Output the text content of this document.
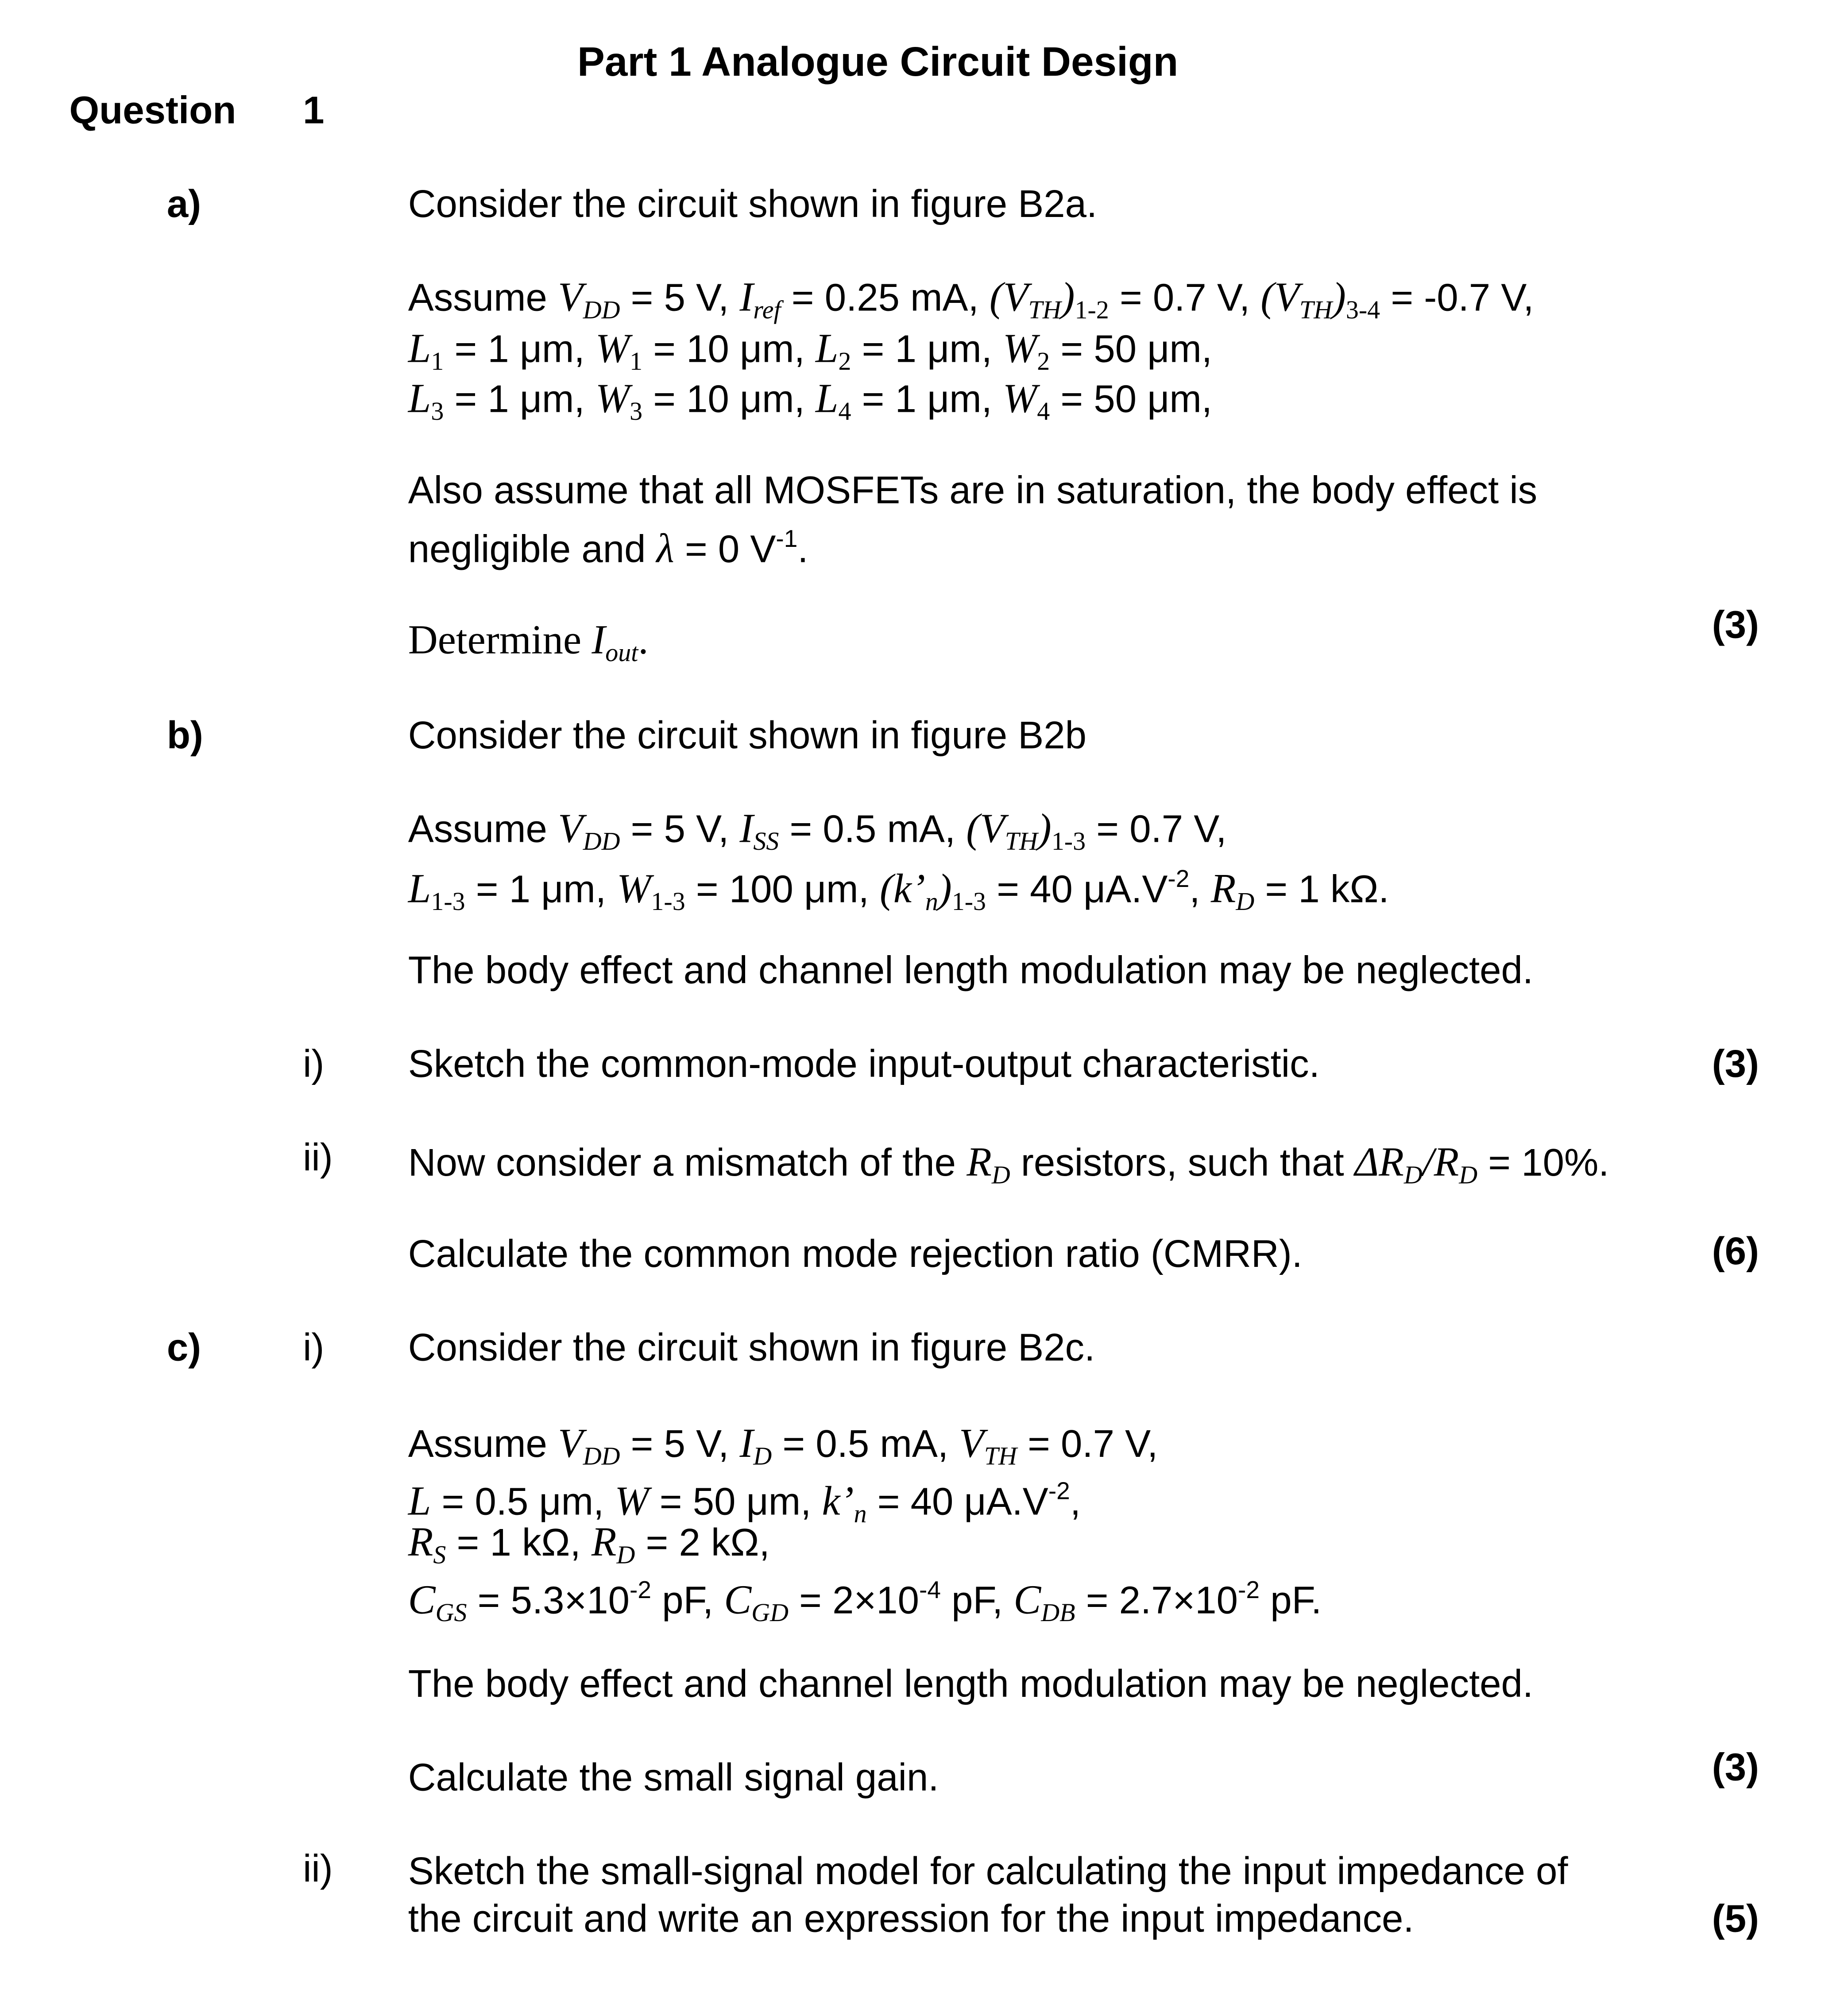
Part 1 Analogue Circuit Design
Question	1
a)
b)
i)
ii)
c)	i)
ii)
(3)
(3)
(6)
(3)
(5)
Consider the circuit shown in figure B2a.
Assume $V_{DD} = 5$ V, $I_{ref} = 0.25$ mA, $(V_{TH})_{1-2} = 0.7$ V, $(V_{TH})_{3-4} = -0.7$ V,
$L_1 = 1$ μm, $W_1 = 10$ μm, $L_2 = 1$ μm, $W_2 = 50$ μm,
$L_3 = 1$ μm, $W_3 = 10$ μm, $L_4 = 1$ μm, $W_4 = 50$ μm,
Also assume that all MOSFETs are in saturation, the body effect is
negligible and λ = 0 $V^{-1}$.
Determine $I_{out}$.
Consider the circuit shown in figure B2b
Assume $V_{DD} = 5$ V, $I_{SS} = 0.5$ mA, $(V_{TH})_{1-3} = 0.7$ V,
$L_{1-3} = 1$ μm, $W_{1-3} = 100$ μm, $(k’_n)_{1-3} = 40$ $\mu A.V^{-2}$, $R_D = 1$ kΩ.
The body effect and channel length modulation may be neglected.
Sketch the common-mode input-output characteristic.
Now consider a mismatch of the $R_D$ resistors, such that $\Delta R_D/R_D = 10\%$.
Calculate the common mode rejection ratio (CMRR).
Consider the circuit shown in figure B2c.
Assume $V_{DD} = 5$ V, $I_D = 0.5$ mA, $V_{TH} = 0.7$ V,
L = 0.5 μm, W = 50 μm, $k’_n = 40$ $\mu A.V^{-2}$,
$R_S = 1$ kΩ, $R_D = 2$ kΩ,
$C_{GS} = 5.3\times 10^{-2}$ pF, $C_{GD} = 2\times 10^{-4}$ pF, $C_{DB} = 2.7\times 10^{-2}$ pF.
The body effect and channel length modulation may be neglected.
Calculate the small signal gain.
Sketch the small-signal model for calculating the input impedance of
the circuit and write an expression for the input impedance.
